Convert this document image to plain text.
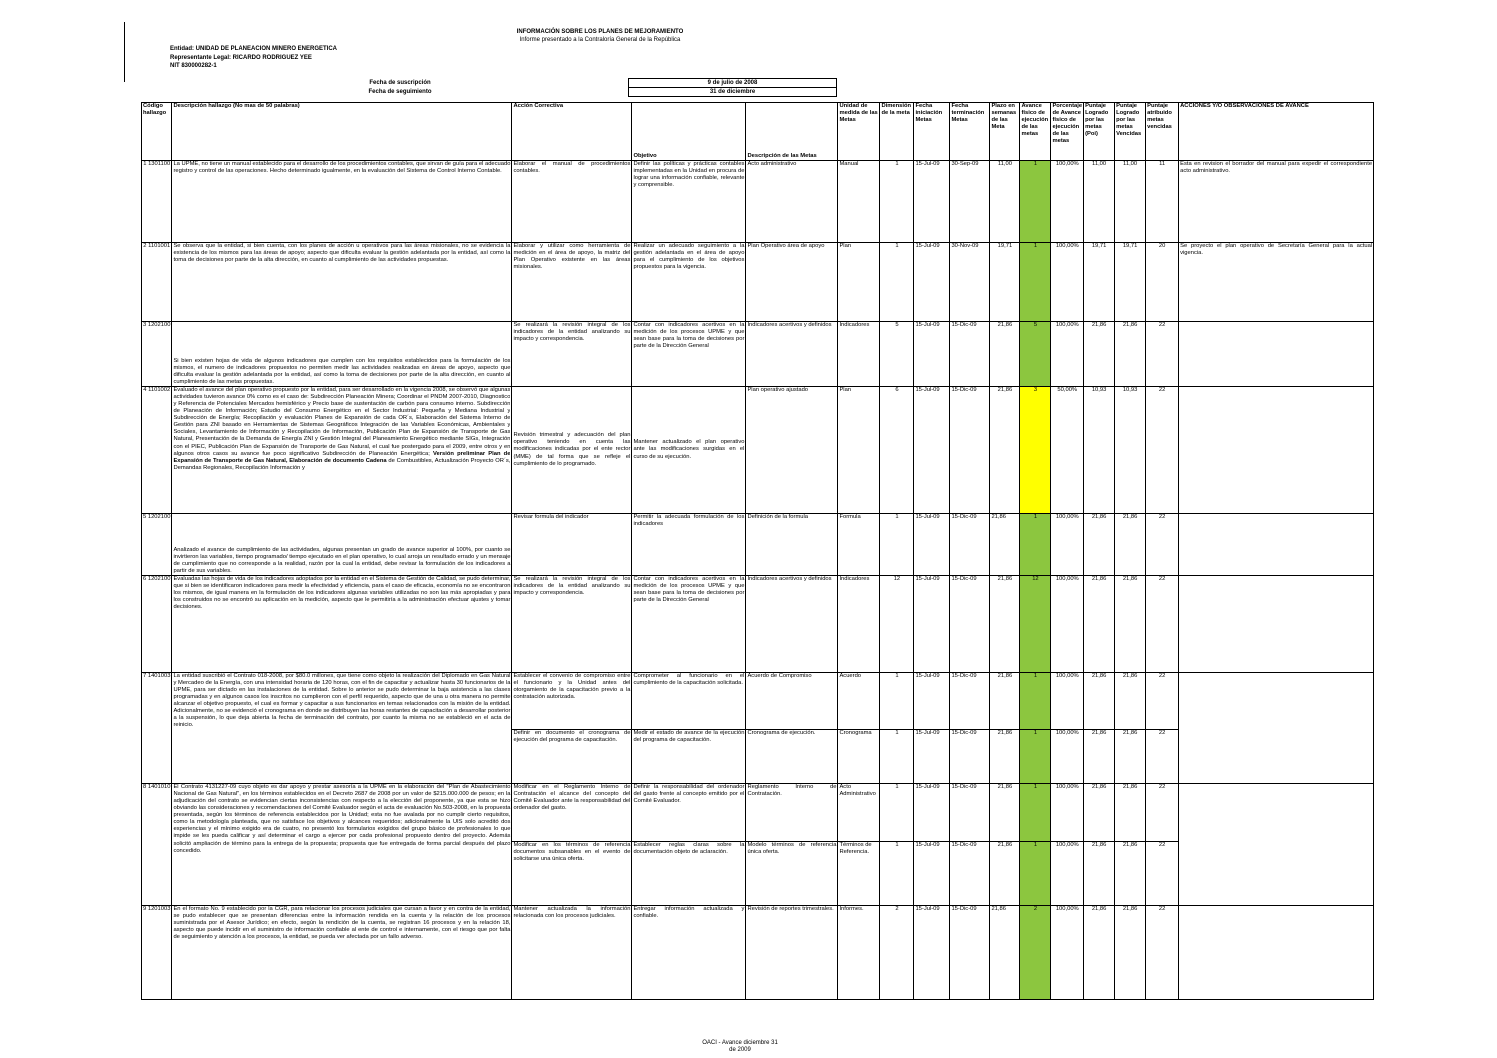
INFORMACIÓN SOBRE LOS PLANES DE MEJORAMIENTO
Informe presentado a la Contraloría General de la República
Entidad: UNIDAD DE PLANEACION MINERO ENERGETICA
Representante Legal: RICARDO RODRIGUEZ YEE
NIT 830000282-1
Fecha de suscripción	9 de julio de 2008
Fecha de seguimiento	31 de diciembre
Código hallazgo	Descripción hallazgo (No mas de 50 palabras)	Acción Correctiva	Objetivo	Descripción de las Metas	Unidad de medida de las Metas	Dimensión de la meta	Fecha iniciación Metas	Fecha terminación Metas	Plazo en semanas de las Meta	Avance físico de ejecución de las metas	Porcentaje de Avance físico de ejecución de las metas	Puntaje Logrado por las metas (Poi)	Puntaje Logrado por las metas Vencidas	Puntaje atribuido metas vencidas	ACCIONES Y/O OBSERVACIONES DE AVANCE
1 1301100	La UPME, no tiene un manual establecido para el desarrollo de los procedimientos contables, que sirvan de guía para el adecuado registro y control de las operaciones. Hecho determinado igualmente, en la evaluación del Sistema de Control Interno Contable.	Elaborar el manual de procedimientos contables.	Definir las políticas y prácticas contables implementadas en la Unidad en procura de lograr una información confiable, relevante y comprensible.	Acto administrativo	Manual	1	15-Jul-09	30-Sep-09	11,00	1	100,00%	11,00	11,00	11	Esta en revision el borrador del manual para expedir el correspondiente acto administrativo.
2 1101001	Se observa que la entidad, si bien cuenta, con los planes de acción u operativos para las áreas misionales, no se evidencia la existencia de los mismos para las áreas de apoyo; aspecto que dificulta evaluar la gestión adelantada por la entidad, así como la toma de decisiones por parte de la alta dirección, en cuanto al cumplimiento de las actividades propuestas.	Elaborar y utilizar como herramienta de medición en el área de apoyo, la matriz del Plan Operativo existente en las áreas misionales.	Realizar un adecuado seguimiento a la gestión adelantada en el área de apoyo para el cumplimiento de los objetivos propuestos para la vigencia.	Plan Operativo área de apoyo	Plan	1	15-Jul-09	30-Nov-09	19,71	1	100,00%	19,71	19,71	20	Se proyecto el plan operativo de Secretaría General para la actual vigencia.
3 1202100	Si bien existen hojas de vida de algunos indicadores que cumplen con los requisitos establecidos para la formulación de los mismos, el numero de indicadores propuestos no permiten medir las actividades realizadas en áreas de apoyo, aspecto que dificulta evaluar la gestión adelantada por la entidad, así como la toma de decisiones por parte de la alta dirección, en cuanto al cumplimiento de las metas propuestas.	Se realizará la revisión integral de los indicadores de la entidad analizando su impacto y correspondencia.	Contar con indicadores acertivos en la medición de los procesos UPME y que sean base para la toma de decisiones por parte de la Dirección General	Indicadores acertivos y definidos	Indicadores	5	15-Jul-09	15-Dic-09	21,86	5	100,00%	21,86	21,86	22	
4 1101002	Evaluado el avance del plan operativo propuesto por la entidad, para ser desarrollado en la vigencia 2008, se observó que algunas actividades tuvieron avance 0% como es el caso de: Subdirección Planeación Minera; Coordinar el PNDM 2007-2010, Diagnostico y Referencia de Potenciales Mercados hemisférico y Precio base de sustentación de carbón para consumo interno. Subdirección de Planeación de Información; Estudio del Consumo Energético en el Sector Industrial: Pequeña y Mediana Industrial y Subdirección de Energía; Recopilación y evaluación Planes de Expansión de cada OR´s, Elaboración del Sistema Interno de Gestión para ZNI basado en Herramientas de Sistemas Geográficos Integración de las Variables Económicas, Ambientales y Sociales, Levantamiento de Información y Recopilación de Información, Publicación Plan de Expansión de Transporte de Gas Natural, Presentación de la Demanda de Energía ZNI y Gestión Integral del Planeamiento Energético mediante SIGs, Integración con el PIEC, Publicación Plan de Expansión de Transporte de Gas Natural, el cual fue postergado para el 2009, entre otros y en algunos otros casos su avance fue poco significativo Subdirección de Planeación Energética; Versión preliminar Plan de Expansión de Transporte de Gas Natural, Elaboración de documento Cadena de Combustibles, Actualización Proyecto OR´s, Demandas Regionales, Recopilación Información y	Revisión trimestral y adecuación del plan operativo teniendo en cuenta las modificaciones indicadas por el ente rector (MME) de tal forma que se refleje el cumplimiento de lo programado.	Mantener actualizado el plan operativo ante las modificaciones surgidas en el curso de su ejecución.	Plan operativo ajustado	Plan	6	15-Jul-09	15-Dic-09	21,86	3	50,00%	10,93	10,93	22	
5 1202100	Analizado el avance de cumplimiento de las actividades, algunas presentan un grado de avance superior al 100%, por cuanto se invirtieron las variables, tiempo programado/ tiempo ejecutado en el plan operativo, lo cual arroja un resultado errado y un mensaje de cumplimiento que no corresponde a la realidad, razón por la cual la entidad, debe revisar la formulación de los indicadores a partir de sus variables.	Revisar formula del indicador	Permitir la adecuada formulación de los indicadores	Definición de la formula	Formula	1	15-Jul-09	15-Dic-09	21,86	1	100,00%	21,86	21,86	22	
6 1202100	Evaluadas las hojas de vida de los indicadores adoptados por la entidad en el Sistema de Gestión de Calidad, se pudo determinar, que si bien se identificaron indicadores para medir la efectividad y eficiencia, para el caso de eficacia, economía no se encontraron los mismos, de igual manera en la formulación de los indicadores algunas variables utilizadas no son las más apropiadas y para los construidos no se encontró su aplicación en la medición, aspecto que le permitiría a la administración efectuar ajustes y tomar decisiones.	Se realizará la revisión integral de los indicadores de la entidad analizando su impacto y correspondencia.	Contar con indicadores acertivos en la medición de los procesos UPME y que sean base para la toma de decisiones por parte de la Dirección General	Indicadores acertivos y definidos	Indicadores	12	15-Jul-09	15-Dic-09	21,86	12	100,00%	21,86	21,86	22	
7 1401003	La entidad suscribió el Contrato 018-2008, por $80.0 millones, que tiene como objeto la realización del Diplomado en Gas Natural y Mercadeo de la Energía, con una intensidad horaria de 120 horas, con el fin de capacitar y actualizar hasta 30 funcionarios de la UPME, para ser dictado en las instalaciones de la entidad. Sobre lo anterior se pudo determinar la baja asistencia a las clases programadas y en algunos casos los inscritos no cumplieron con el perfil requerido, aspecto que de una u otra manera no permite alcanzar el objetivo propuesto, el cual es formar y capacitar a sus funcionarios en temas relacionados con la misión de la entidad. Adicionalmente, no se evidenció el cronograma en donde se distribuyen las horas restantes de capacitación a desarrollar posterior a la suspensión, lo que deja abierta la fecha de terminación del contrato, por cuanto la misma no se estableció en el acta de reinicio.	Establecer el convenio de compromiso entre el funcionario y la Unidad antes del otorgamiento de la capacitación previo a la contratación autorizada.	Comprometer al funcionario en el cumplimiento de la capacitación solicitada.	Acuerdo de Compromiso	Acuerdo	1	15-Jul-09	15-Dic-09	21,86	1	100,00%	21,86	21,86	22	
		Definir en documento el cronograma de ejecución del programa de capacitación.	Medir el estado de avance de la ejecución del programa de capacitación.	Cronograma de ejecución.	Cronograma	1	15-Jul-09	15-Dic-09	21,86	1	100,00%	21,86	21,86	22	
8 1401010	El Contrato 4131227-09 cuyo objeto es dar apoyo y prestar asesoría a la UPME en la elaboración del "Plan de Abastecimiento Nacional de Gas Natural", en los términos establecidos en el Decreto 2687 de 2008 por un valor de $215.000.000 de pesos; en la adjudicación del contrato se evidencian ciertas inconsistencias con respecto a la elección del proponente, ya que esta se hizo obviando las consideraciones y recomendaciones del Comité Evaluador según el acta de evaluación No.503-2008, en la propuesta presentada, según los términos de referencia establecidos por la Unidad; esta no fue avalada por no cumplir cierto requisitos, como la metodología planteada, que no satisface los objetivos y alcances requeridos; adicionalmente la UIS solo acreditó dos experiencias y el mínimo exigido era de cuatro, no presentó los formularios exigidos del grupo básico de profesionales lo que impide se les pueda calificar y así determinar el cargo a ejercer por cada profesional propuesto dentro del proyecto. Además solicitó ampliación de término para la entrega de la propuesta; propuesta que fue entregada de forma parcial después del plazo concedido.	Modificar en el Reglamento Interno de Contratación el alcance del concepto del Comité Evaluador ante la responsabilidad del ordenador del gasto.	Definir la responsabilidad del ordenador del gasto frente al concepto emitido por el Comité Evaluador.	Reglamento Interno de Contratación.	Acto Administrativo	1	15-Jul-09	15-Dic-09	21,86	1	100,00%	21,86	21,86	22	
		Modificar en los términos de referencia documentos subsanables en el evento de solicitarse una única oferta.	Establecer reglas claras sobre la documentación objeto de aclaración.	Modelo términos de referencia única oferta.	Términos de Referencia.	1	15-Jul-09	15-Dic-09	21,86	1	100,00%	21,86	21,86	22	
9 1201003	En el formato No. 9 establecido por la CGR, para relacionar los procesos judiciales que cursan a favor y en contra de la entidad, se pudo establecer que se presentan diferencias entre la información rendida en la cuenta y la relación de los procesos suministrada por el Asesor Jurídico; en efecto, según la rendición de la cuenta, se registran 16 procesos y en la relación 18, aspecto que puede incidir en el suministro de información confiable al ente de control e internamente, con el riesgo que por falta de seguimiento y atención a los procesos, la entidad, se pueda ver afectada por un fallo adverso.	Mantener actualizada la información relacionada con los procesos judiciales.	Entregar información actualizada y confiable.	Revisión de reportes trimestrales.	Informes.	2	15-Jul-09	15-Dic-09	21,86	2	100,00%	21,86	21,86	22	
OACI - Avance diciembre 31
de 2009
